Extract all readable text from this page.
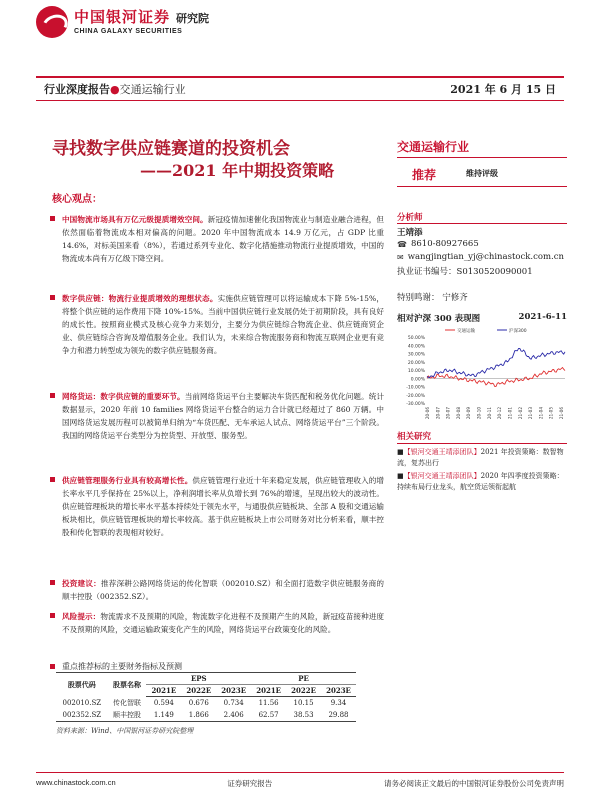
中国银河证券 研究院
CHINA GALAXY SECURITIES
行业深度报告●交通运输行业	2021 年 6 月 15 日
寻找数字供应链赛道的投资机会
——2021 年中期投资策略
核心观点：
中国物流市场具有万亿元级提质增效空间。新冠疫情加速催化我国物流业与制造业融合进程，但依然面临着物流成本相对偏高的问题。2020 年中国物流成本 14.9 万亿元，占 GDP 比重 14.6%，对标美国来看（8%），若通过系列专业化、数字化措施推动物流行业提质增效，中国的物流成本尚有万亿级下降空间。
数字供应链：物流行业提质增效的理想状态。实施供应链管理可以将运输成本下降 5%-15%，将整个供应链的运作费用下降 10%-15%。当前中国供应链行业发展仍处于初期阶段，具有良好的成长性。按照商业模式及核心竞争力来划分，主要分为供应链综合物流企业、供应链商贸企业、供应链综合咨询及增值服务企业。我们认为，未来综合物流服务商和物流互联网企业更有竞争力和潜力转型成为领先的数字供应链服务商。
网络货运：数字供应链的重要环节。当前网络货运平台主要解决车货匹配和税务优化问题。统计数据显示，2020 年前 10 families 网络货运平台整合的运力合计就已经超过了 860 万辆。中国网络货运发展历程可以被简单归纳为“车货匹配、无车承运人试点、网络货运平台”三个阶段。我国的网络货运平台类型分为控货型、开放型、服务型。
供应链管理服务行业具有较高增长性。供应链管理行业近十年来稳定发展，供应链管理收入的增长率水平几乎保持在 25%以上，净利润增长率从负增长到 76%的增速，呈现出较大的波动性。供应链管理板块的增长率水平基本持续处于领先水平，与通股供应链板块、全部 A 股和交通运输板块相比，供应链管理板块的增长率较高。基于供应链板块上市公司财务对比分析来看，顺丰控股和传化智联的表现相对较好。
投资建议：推荐深耕公路网络货运的传化智联（002010.SZ）和全面打造数字供应链服务商的顺丰控股（002352.SZ）。
风险提示：物流需求不及预期的风险，物流数字化进程不及预期产生的风险，新冠疫苗接种进度不及预期的风险，交通运输政策变化产生的风险，网络货运平台政策变化的风险。
重点推荐标的主要财务指标及预测
股票代码	股票名称	EPS			PE		
		2021E	2022E	2023E	2021E	2022E	2023E
002010.SZ	传化智联	0.594	0.676	0.734	11.56	10.15	9.34
002352.SZ	顺丰控股	1.149	1.866	2.406	62.57	38.53	29.88
资料来源：Wind、中国银河证券研究院整理
交通运输行业
推荐	维持评级
分析师
王靖添
☎ 8610-80927665
✉ wangjingtian_yj@chinastock.com.cn
执业证书编号：S0130520090001
特别鸣谢： 宁修齐
相对沪深 300 表现图	2021-6-11
50.00%
40.00%
30.00%
20.00%
10.00%
0.00%
-10.00%
-20.00%
-30.00%
交通运输	沪深300
20-06 20-07 20-07 20-08 20-09 20-10 20-11 20-12 21-01 21-02 21-03 21-04 21-05 21-06
相关研究
■【银河交通王靖添团队】2021 年投资策略：数智物流，复苏出行
■【银河交通王靖添团队】2020 年四季度投资策略：持续布局行业龙头，航空货运领衔起航
www.chinastock.com.cn	证券研究报告	请务必阅读正文最后的中国银河证券股份公司免责声明
